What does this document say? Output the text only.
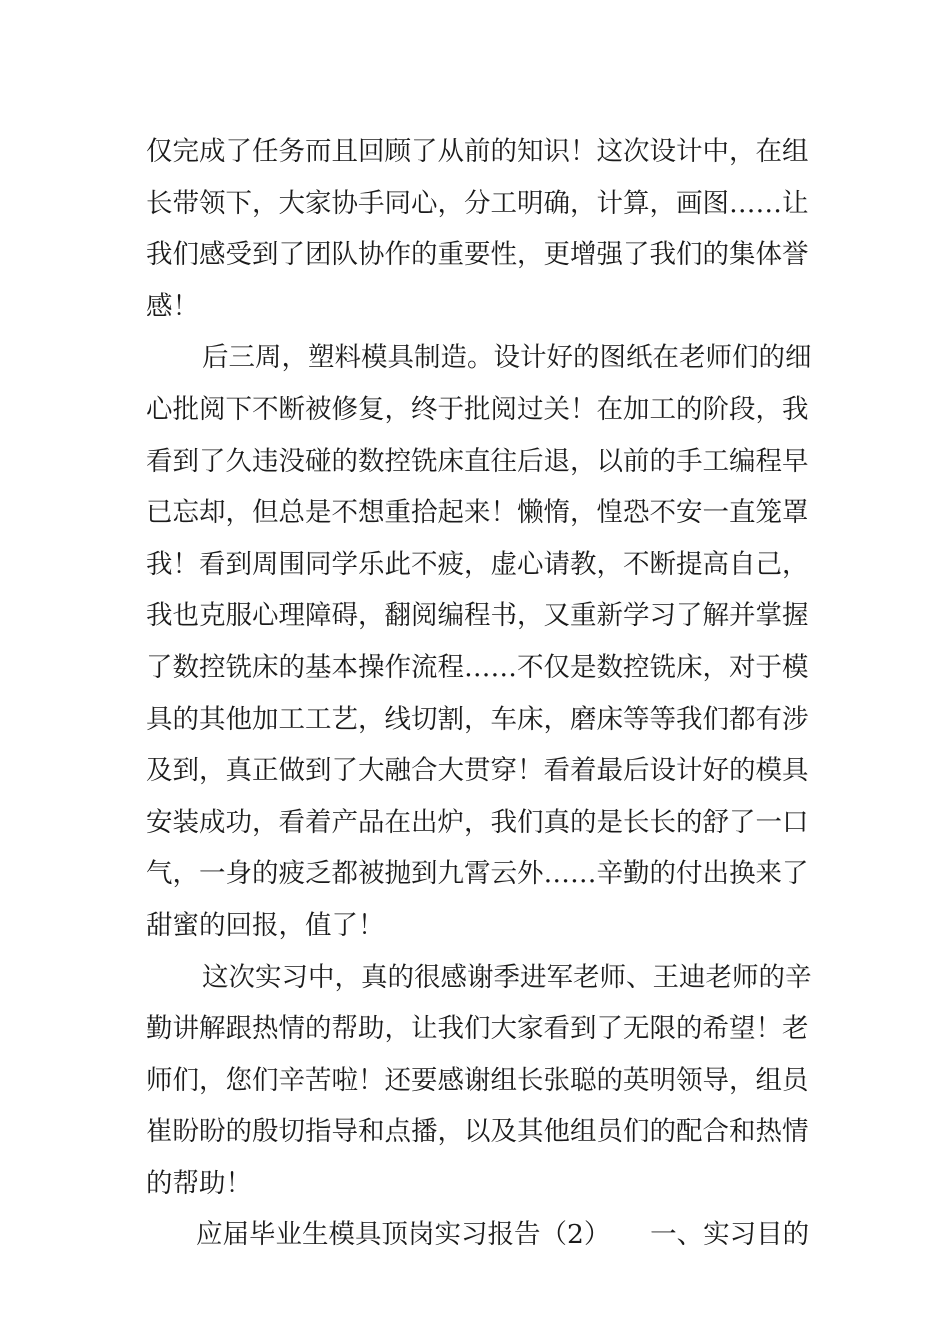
仅完成了任务而且回顾了从前的知识！这次设计中，在组
长带领下，大家协手同心，分工明确，计算，画图……让
我们感受到了团队协作的重要性，更增强了我们的集体誉
感！
后三周，塑料模具制造。设计好的图纸在老师们的细
心批阅下不断被修复，终于批阅过关！在加工的阶段，我
看到了久违没碰的数控铣床直往后退，以前的手工编程早
已忘却，但总是不想重拾起来！懒惰，惶恐不安一直笼罩
我！看到周围同学乐此不疲，虚心请教，不断提高自己，
我也克服心理障碍，翻阅编程书，又重新学习了解并掌握
了数控铣床的基本操作流程……不仅是数控铣床，对于模
具的其他加工工艺，线切割，车床，磨床等等我们都有涉
及到，真正做到了大融合大贯穿！看着最后设计好的模具
安装成功，看着产品在出炉，我们真的是长长的舒了一口
气，一身的疲乏都被抛到九霄云外……辛勤的付出换来了
甜蜜的回报，值了！
这次实习中，真的很感谢季进军老师、王迪老师的辛
勤讲解跟热情的帮助，让我们大家看到了无限的希望！老
师们，您们辛苦啦！还要感谢组长张聪的英明领导，组员
崔盼盼的殷切指导和点播，以及其他组员们的配合和热情
的帮助！
应届毕业生模具顶岗实习报告（2）　　一、实习目的
